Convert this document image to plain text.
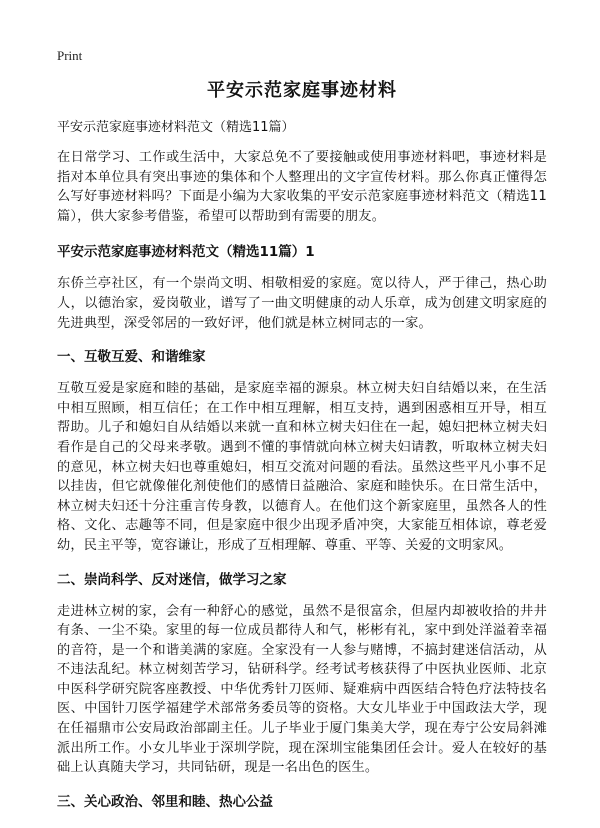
Print
平安示范家庭事迹材料

平安示范家庭事迹材料范文（精选11篇）

在日常学习、工作或生活中，大家总免不了要接触或使用事迹材料吧，事迹材料是指对本单位具有突出事迹的集体和个人整理出的文字宣传材料。那么你真正懂得怎么写好事迹材料吗？下面是小编为大家收集的平安示范家庭事迹材料范文（精选11篇），供大家参考借鉴，希望可以帮助到有需要的朋友。

平安示范家庭事迹材料范文（精选11篇）1

东侨兰亭社区，有一个崇尚文明、相敬相爱的家庭。宽以待人，严于律己，热心助人，以德治家，爱岗敬业，谱写了一曲文明健康的动人乐章，成为创建文明家庭的先进典型，深受邻居的一致好评，他们就是林立树同志的一家。

一、互敬互爱、和谐维家

互敬互爱是家庭和睦的基础，是家庭幸福的源泉。林立树夫妇自结婚以来，在生活中相互照顾，相互信任；在工作中相互理解，相互支持，遇到困惑相互开导，相互帮助。儿子和媳妇自从结婚以来就一直和林立树夫妇住在一起，媳妇把林立树夫妇看作是自己的父母来孝敬。遇到不懂的事情就向林立树夫妇请教，听取林立树夫妇的意见，林立树夫妇也尊重媳妇，相互交流对问题的看法。虽然这些平凡小事不足以挂齿，但它就像催化剂使他们的感情日益融洽、家庭和睦快乐。在日常生活中，林立树夫妇还十分注重言传身教，以德育人。在他们这个新家庭里，虽然各人的性格、文化、志趣等不同，但是家庭中很少出现矛盾冲突，大家能互相体谅，尊老爱幼，民主平等，宽容谦让，形成了互相理解、尊重、平等、关爱的文明家风。

二、崇尚科学、反对迷信，做学习之家

走进林立树的家，会有一种舒心的感觉，虽然不是很富余，但屋内却被收拾的井井有条、一尘不染。家里的每一位成员都待人和气，彬彬有礼，家中到处洋溢着幸福的音符，是一个和谐美满的家庭。全家没有一人参与赌博，不搞封建迷信活动，从不违法乱纪。林立树刻苦学习，钻研科学。经考试考核获得了中医执业医师、北京中医科学研究院客座教授、中华优秀针刀医师、疑难病中西医结合特色疗法特技名医、中国针刀医学福建学术部常务委员等的资格。大女儿毕业于中国政法大学，现在任福鼎市公安局政治部副主任。儿子毕业于厦门集美大学，现在寿宁公安局斜滩派出所工作。小女儿毕业于深圳学院，现在深圳宝能集团任会计。爱人在较好的基础上认真随夫学习，共同钻研，现是一名出色的医生。

三、关心政治、邻里和睦、热心公益
